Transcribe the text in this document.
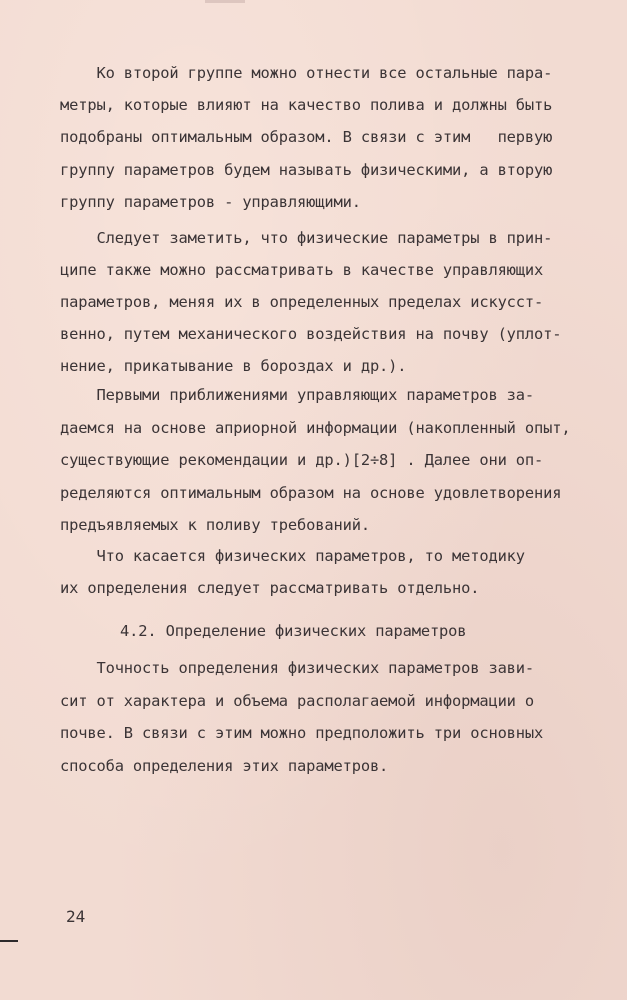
Ко второй группе можно отнести все остальные пара-
метры, которые влияют на качество полива и должны быть
подобраны оптимальным образом. В связи с этим   первую
группу параметров будем называть физическими, а вторую
группу параметров - управляющими.
Следует заметить, что физические параметры в прин-
ципе также можно рассматривать в качестве управляющих
параметров, меняя их в определенных пределах искусст-
венно, путем механического воздействия на почву (уплот-
нение, прикатывание в бороздах и др.).
Первыми приближениями управляющих параметров за-
даемся на основе априорной информации (накопленный опыт,
существующие рекомендации и др.)[2÷8] . Далее они оп-
ределяются оптимальным образом на основе удовлетворения
предъявляемых к поливу требований.
Что касается физических параметров, то методику
их определения следует рассматривать отдельно.
4.2. Определение физических параметров
Точность определения физических параметров зави-
сит от характера и объема располагаемой информации о
почве. В связи с этим можно предположить три основных
способа определения этих параметров.
24
